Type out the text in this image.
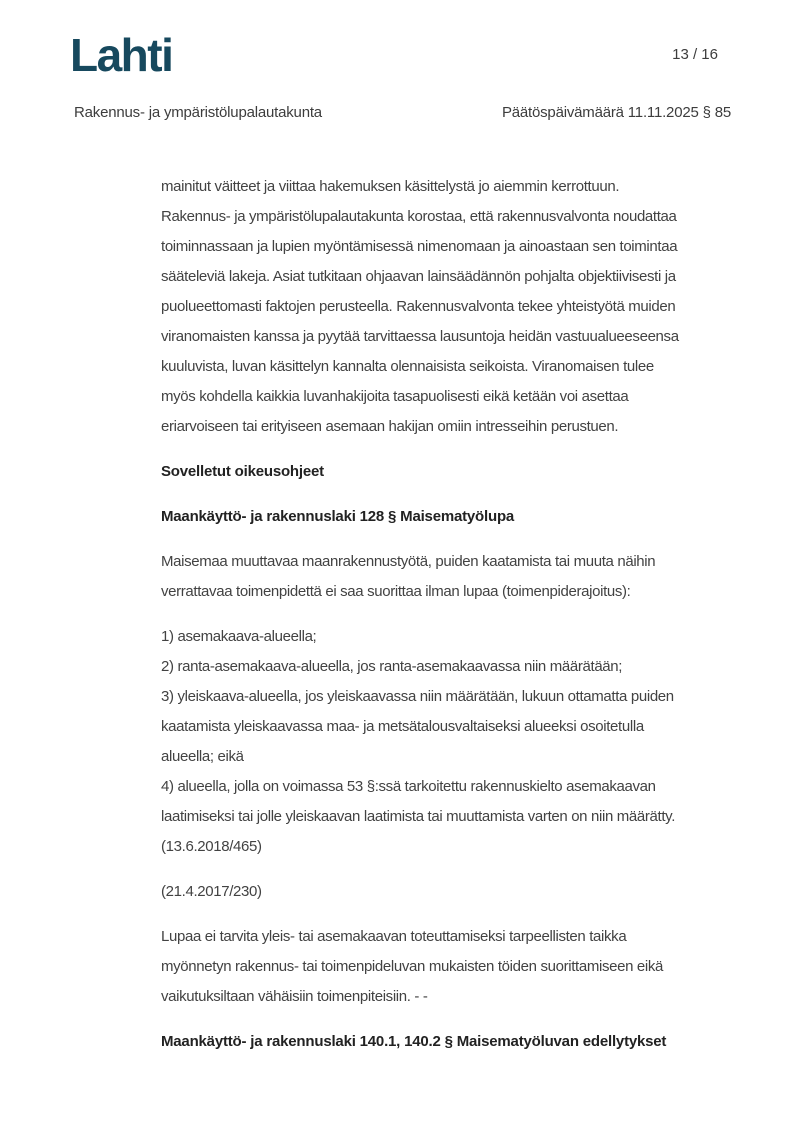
Lahti	13 / 16
Rakennus- ja ympäristölupalautakunta	Päätöspäivämäärä 11.11.2025 § 85
mainitut väitteet ja viittaa hakemuksen käsittelystä jo aiemmin kerrottuun.
Rakennus- ja ympäristölupalautakunta korostaa, että rakennusvalvonta noudattaa
toiminnassaan ja lupien myöntämisessä nimenomaan ja ainoastaan sen toimintaa
sääteleviä lakeja. Asiat tutkitaan ohjaavan lainsäädännön pohjalta objektiivisesti ja
puolueettomasti faktojen perusteella. Rakennusvalvonta tekee yhteistyötä muiden
viranomaisten kanssa ja pyytää tarvittaessa lausuntoja heidän vastuualueeseensa
kuuluvista, luvan käsittelyn kannalta olennaisista seikoista. Viranomaisen tulee
myös kohdella kaikkia luvanhakijoita tasapuolisesti eikä ketään voi asettaa
eriarvoiseen tai erityiseen asemaan hakijan omiin intresseihin perustuen.
Sovelletut oikeusohjeet
Maankäyttö- ja rakennuslaki 128 § Maisematyölupa
Maisemaa muuttavaa maanrakennustyötä, puiden kaatamista tai muuta näihin
verrattavaa toimenpidettä ei saa suorittaa ilman lupaa (toimenpiderajoitus):
1) asemakaava-alueella;
2) ranta-asemakaava-alueella, jos ranta-asemakaavassa niin määrätään;
3) yleiskaava-alueella, jos yleiskaavassa niin määrätään, lukuun ottamatta puiden
kaatamista yleiskaavassa maa- ja metsätalousvaltaiseksi alueeksi osoitetulla
alueella; eikä
4) alueella, jolla on voimassa 53 §:ssä tarkoitettu rakennuskielto asemakaavan
laatimiseksi tai jolle yleiskaavan laatimista tai muuttamista varten on niin määrätty.
(13.6.2018/465)
(21.4.2017/230)
Lupaa ei tarvita yleis- tai asemakaavan toteuttamiseksi tarpeellisten taikka
myönnetyn rakennus- tai toimenpideluvan mukaisten töiden suorittamiseen eikä
vaikutuksiltaan vähäisiin toimenpiteisiin. - -
Maankäyttö- ja rakennuslaki 140.1, 140.2 § Maisematyöluvan edellytykset
